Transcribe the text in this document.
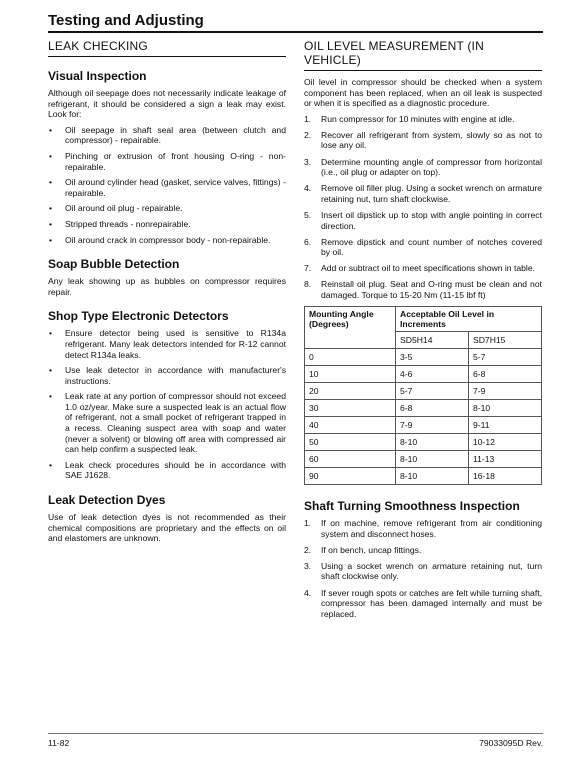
Testing and Adjusting
LEAK CHECKING
Visual Inspection

Although oil seepage does not necessarily indicate leakage of refrigerant, it should be considered a sign a leak may exist. Look for:

• Oil seepage in shaft seal area (between clutch and compressor) - repairable.
• Pinching or extrusion of front housing O-ring - non-repairable.
• Oil around cylinder head (gasket, service valves, fittings) - repairable.
• Oil around oil plug - repairable.
• Stripped threads - nonrepairable.
• Oil around crack in compressor body - non-repairable.
Soap Bubble Detection

Any leak showing up as bubbles on compressor requires repair.

Shop Type Electronic Detectors
• Ensure detector being used is sensitive to R134a refrigerant. Many leak detectors intended for R-12 cannot detect R134a leaks.
• Use leak detector in accordance with manufacturer's instructions.
• Leak rate at any portion of compressor should not exceed 1.0 oz/year. Make sure a suspected leak is an actual flow of refrigerant, not a small pocket of refrigerant trapped in a recess. Cleaning suspect area with soap and water (never a solvent) or blowing off area with compressed air can help confirm a suspected leak.
• Leak check procedures should be in accordance with SAE J1628.
Leak Detection Dyes

Use of leak detection dyes is not recommended as their chemical compositions are proprietary and the effects on oil and elastomers are unknown.

OIL LEVEL MEASUREMENT (IN VEHICLE)

Oil level in compressor should be checked when a system component has been replaced, when an oil leak is suspected or when it is specified as a diagnostic procedure.

1. Run compressor for 10 minutes with engine at idle.
2. Recover all refrigerant from system, slowly so as not to lose any oil.
3. Determine mounting angle of compressor from horizontal (i.e., oil plug or adapter on top).
4. Remove oil filler plug. Using a socket wrench on armature retaining nut, turn shaft clockwise.
5. Insert oil dipstick up to stop with angle pointing in correct direction.
6. Remove dipstick and count number of notches covered by oil.
7. Add or subtract oil to meet specifications shown in table.
8. Reinstall oil plug. Seat and O-ring must be clean and not damaged. Torque to 15-20 Nm (11-15 lbf ft)
Mounting Angle (Degrees)	Acceptable Oil Level in Increments	
	SD5H14	SD7H15
0	3-5	5-7
10	4-6	6-8
20	5-7	7-9
30	6-8	8-10
40	7-9	9-11
50	8-10	10-12
60	8-10	11-13
90	8-10	16-18
Shaft Turning Smoothness Inspection
1. If on machine, remove refrigerant from air conditioning system and disconnect hoses.
2. If on bench, uncap fittings.
3. Using a socket wrench on armature retaining nut, turn shaft clockwise only.
4. If sever rough spots or catches are felt while turning shaft, compressor has been damaged internally and must be replaced.
11-82	79033095D Rev.
